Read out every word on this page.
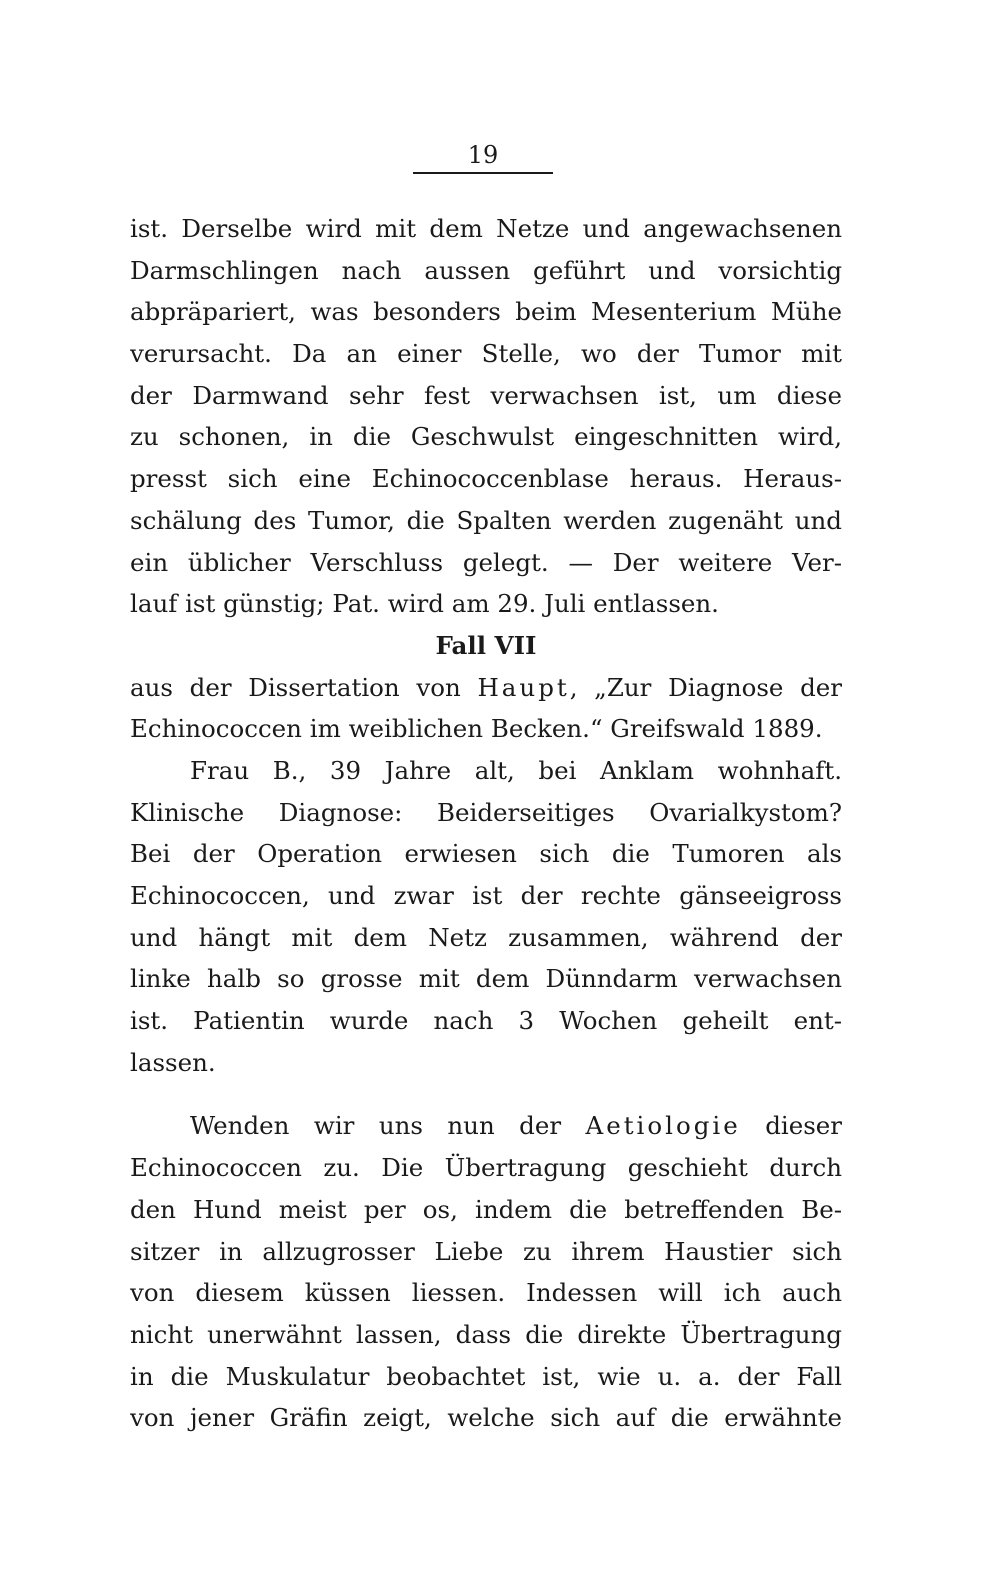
19
ist. Derselbe wird mit dem Netze und angewachsenen
Darmschlingen nach aussen geführt und vorsichtig
abpräpariert, was besonders beim Mesenterium Mühe
verursacht. Da an einer Stelle, wo der Tumor mit
der Darmwand sehr fest verwachsen ist, um diese
zu schonen, in die Geschwulst eingeschnitten wird,
presst sich eine Echinococcenblase heraus. Heraus-
schälung des Tumor, die Spalten werden zugenäht und
ein üblicher Verschluss gelegt. — Der weitere Ver-
lauf ist günstig; Pat. wird am 29. Juli entlassen.
Fall VII
aus der Dissertation von Haupt, „Zur Diagnose der
Echinococcen im weiblichen Becken.“ Greifswald 1889.
Frau B., 39 Jahre alt, bei Anklam wohnhaft.
Klinische Diagnose: Beiderseitiges Ovarialkystom?
Bei der Operation erwiesen sich die Tumoren als
Echinococcen, und zwar ist der rechte gänseeigross
und hängt mit dem Netz zusammen, während der
linke halb so grosse mit dem Dünndarm verwachsen
ist. Patientin wurde nach 3 Wochen geheilt ent-
lassen.
Wenden wir uns nun der Aetiologie dieser
Echinococcen zu. Die Übertragung geschieht durch
den Hund meist per os, indem die betreffenden Be-
sitzer in allzugrosser Liebe zu ihrem Haustier sich
von diesem küssen liessen. Indessen will ich auch
nicht unerwähnt lassen, dass die direkte Übertragung
in die Muskulatur beobachtet ist, wie u. a. der Fall
von jener Gräfin zeigt, welche sich auf die erwähnte
